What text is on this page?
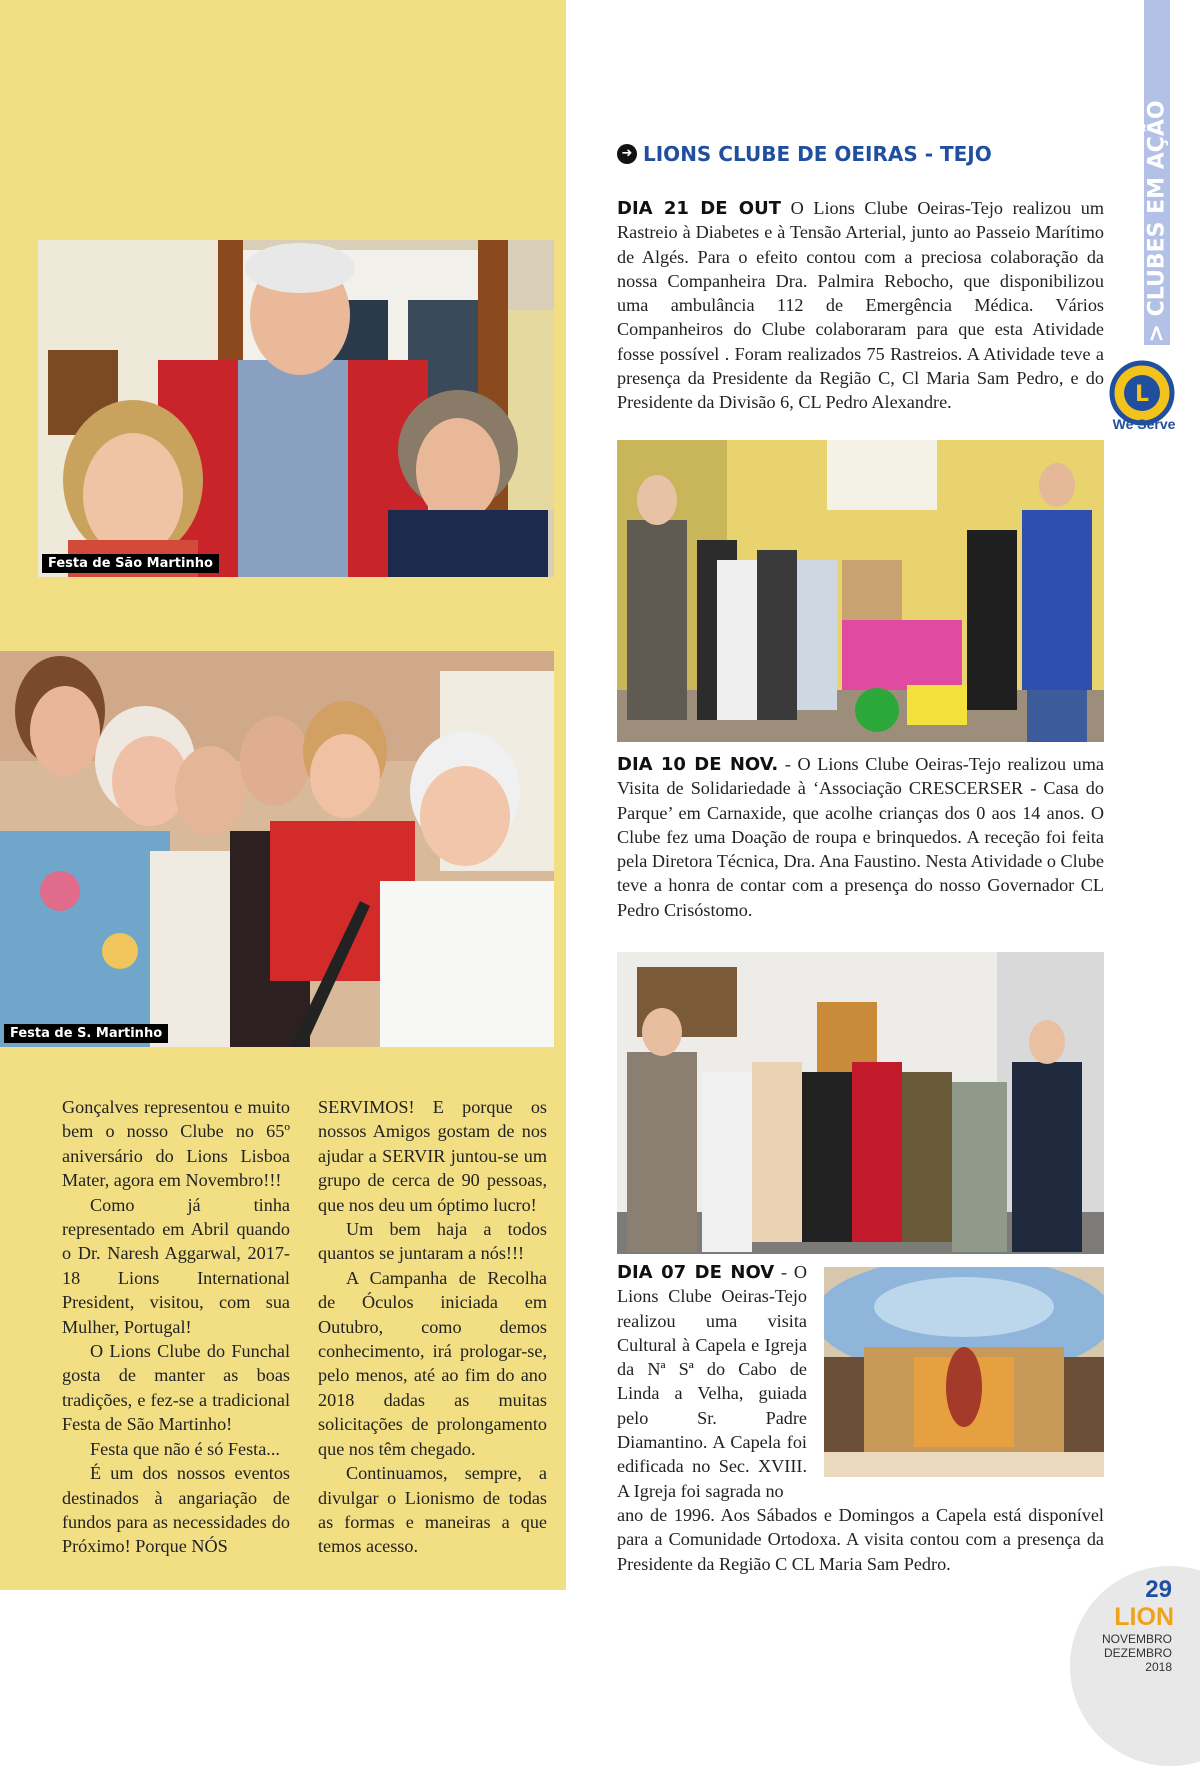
> CLUBES EM AÇÃO
L
We Serve
Festa de São Martinho
Festa de S. Martinho
➜ LIONS CLUBE DE OEIRAS - TEJO
DIA 21 DE OUT O Lions Clube Oeiras-Tejo realizou um Rastreio à Diabetes e à Tensão Arterial, junto ao Passeio Marítimo de Algés. Para o efeito contou com a preciosa colaboração da nossa Companheira Dra. Palmira Rebocho, que disponibilizou uma ambulância 112 de Emergência Médica. Vários Companheiros do Clube colaboraram para que esta Atividade fosse possível . Foram realizados 75 Rastreios. A Atividade teve a presença da Presidente da Região C, Cl Maria Sam Pedro, e do Presidente da Divisão 6, CL Pedro Alexandre.
DIA 10 DE NOV. - O Lions Clube Oeiras-Tejo realizou uma Visita de Solidariedade à ‘Associação CRESCERSER - Casa do Parque’ em Carnaxide, que acolhe crianças dos 0 aos 14 anos. O Clube fez uma Doação de roupa e brinquedos. A receção foi feita pela Diretora Técnica, Dra. Ana Faustino. Nesta Atividade o Clube teve a honra de contar com a presença do nosso Governador CL Pedro Crisóstomo.
DIA 07 DE NOV - O Lions Clube Oeiras-Tejo realizou uma visita Cultural à Capela e Igreja da Nª Sª do Cabo de Linda a Velha, guiada pelo Sr. Padre Diamantino. A Capela foi edificada no Sec. XVIII. A Igreja foi sagrada no
ano de 1996. Aos Sábados e Domingos a Capela está disponível para a Comunidade Ortodoxa. A visita contou com a presença da Presidente da Região C CL Maria Sam Pedro.

Gonçalves representou e muito bem o nosso Clube no 65º aniversário do Lions Lisboa Mater, agora em Novembro!!!

Como já tinha representado em Abril quando o Dr. Naresh Aggarwal, 2017-18 Lions International President, visitou, com sua Mulher, Portugal!

O Lions Clube do Funchal gosta de manter as boas tradições, e fez-se a tradicional Festa de São Martinho!

Festa que não é só Festa...

É um dos nossos eventos destinados à angariação de fundos para as necessidades do Próximo! Porque NÓS

SERVIMOS! E porque os nossos Amigos gostam de nos ajudar a SERVIR juntou-se um grupo de cerca de 90 pessoas, que nos deu um óptimo lucro!

Um bem haja a todos quantos se juntaram a nós!!!

A Campanha de Recolha de Óculos iniciada em Outubro, como demos conhecimento, irá prologar-se, pelo menos, até ao fim do ano 2018 dadas as muitas solicitações de prolongamento que nos têm chegado.

Continuamos, sempre, a divulgar o Lionismo de todas as formas e maneiras a que temos acesso.

29
LION
NOVEMBRO
DEZEMBRO
2018
